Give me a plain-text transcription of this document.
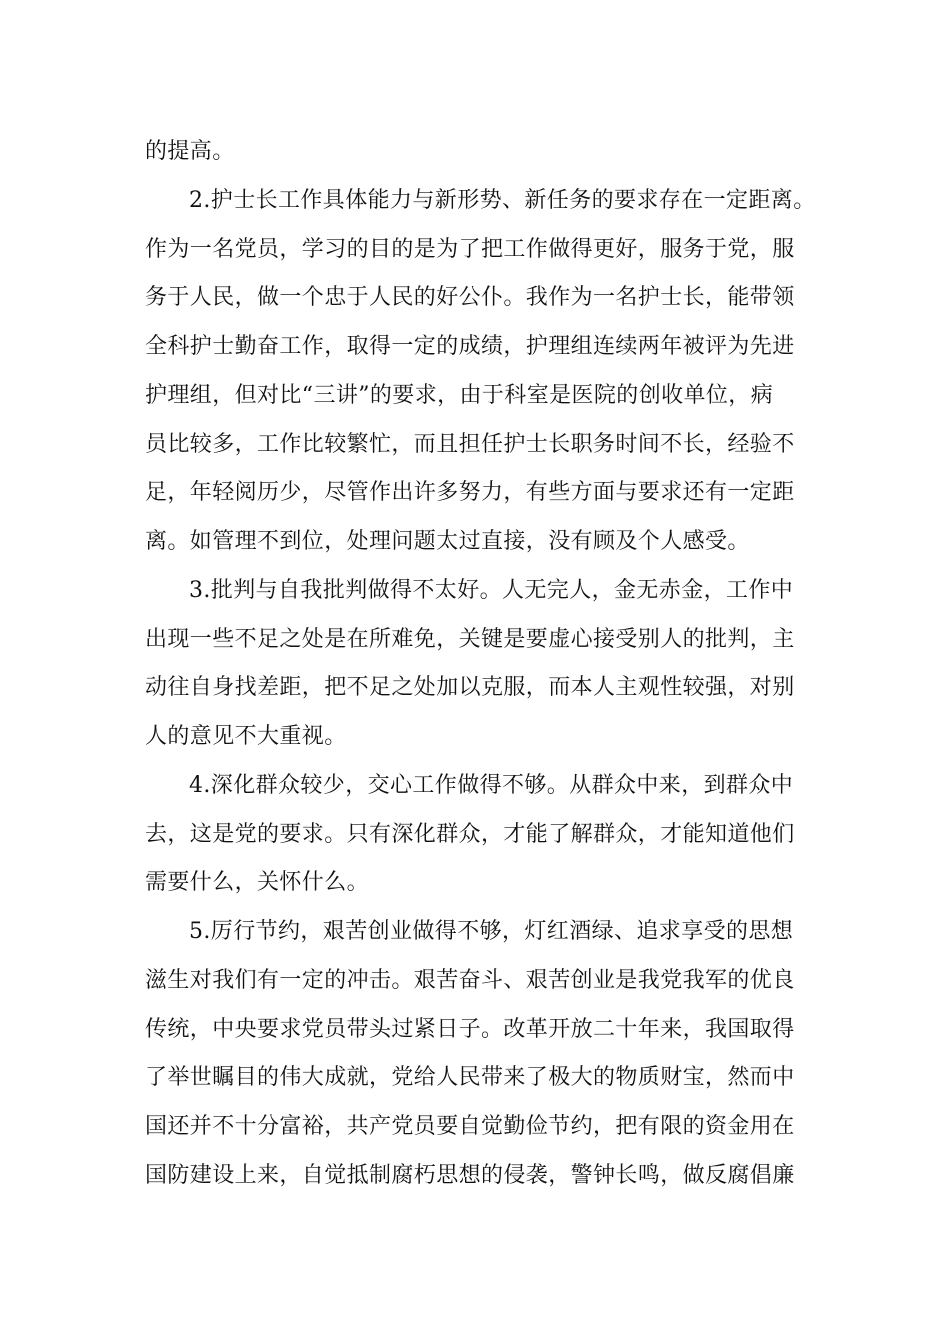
的提高。
2.护士长工作具体能力与新形势、新任务的要求存在一定距离。
作为一名党员，学习的目的是为了把工作做得更好，服务于党，服
务于人民，做一个忠于人民的好公仆。我作为一名护士长，能带领
全科护士勤奋工作，取得一定的成绩，护理组连续两年被评为先进
护理组，但对比“三讲”的要求，由于科室是医院的创收单位，病
员比较多，工作比较繁忙，而且担任护士长职务时间不长，经验不
足，年轻阅历少，尽管作出许多努力，有些方面与要求还有一定距
离。如管理不到位，处理问题太过直接，没有顾及个人感受。
3.批判与自我批判做得不太好。人无完人，金无赤金，工作中
出现一些不足之处是在所难免，关键是要虚心接受别人的批判，主
动往自身找差距，把不足之处加以克服，而本人主观性较强，对别
人的意见不大重视。
4.深化群众较少，交心工作做得不够。从群众中来，到群众中
去，这是党的要求。只有深化群众，才能了解群众，才能知道他们
需要什么，关怀什么。
5.厉行节约，艰苦创业做得不够，灯红酒绿、追求享受的思想
滋生对我们有一定的冲击。艰苦奋斗、艰苦创业是我党我军的优良
传统，中央要求党员带头过紧日子。改革开放二十年来，我国取得
了举世瞩目的伟大成就，党给人民带来了极大的物质财宝，然而中
国还并不十分富裕，共产党员要自觉勤俭节约，把有限的资金用在
国防建设上来，自觉抵制腐朽思想的侵袭，警钟长鸣，做反腐倡廉
